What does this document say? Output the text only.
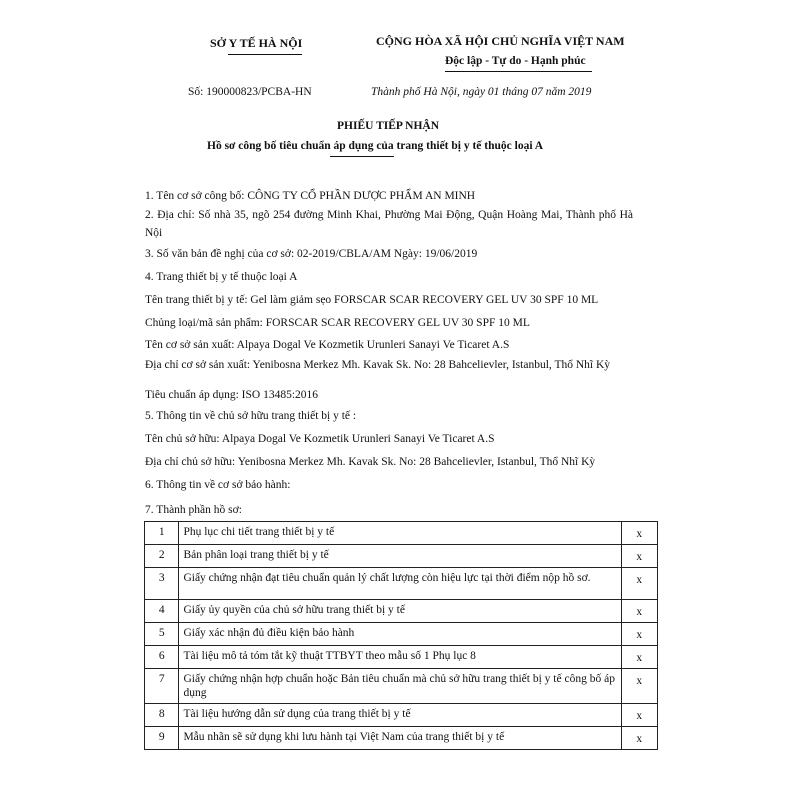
SỞ Y TẾ HÀ NỘI	CỘNG HÒA XÃ HỘI CHỦ NGHĨA VIỆT NAM
Độc lập - Tự do - Hạnh phúc
Số: 190000823/PCBA-HN	Thành phố Hà Nội, ngày 01 tháng 07 năm 2019
PHIẾU TIẾP NHẬN
Hồ sơ công bố tiêu chuẩn áp dụng của trang thiết bị y tế thuộc loại A
1. Tên cơ sở công bố: CÔNG TY CỔ PHẦN DƯỢC PHẨM AN MINH
2. Địa chỉ: Số nhà 35, ngõ 254 đường Minh Khai, Phường Mai Động, Quận Hoàng Mai, Thành phố Hà Nội
3. Số văn bản đề nghị của cơ sở: 02-2019/CBLA/AM Ngày: 19/06/2019
4. Trang thiết bị y tế thuộc loại A
Tên trang thiết bị y tế: Gel làm giảm sẹo FORSCAR SCAR RECOVERY GEL UV 30 SPF 10 ML
Chủng loại/mã sản phẩm: FORSCAR SCAR RECOVERY GEL UV 30 SPF 10 ML
Tên cơ sở sản xuất: Alpaya Dogal Ve Kozmetik Urunleri Sanayi Ve Ticaret A.S
Địa chỉ cơ sở sản xuất: Yenibosna Merkez Mh. Kavak Sk. No: 28 Bahcelievler, Istanbul, Thổ Nhĩ Kỳ
Tiêu chuẩn áp dụng: ISO 13485:2016
5. Thông tin về chủ sở hữu trang thiết bị y tế :
Tên chủ sở hữu: Alpaya Dogal Ve Kozmetik Urunleri Sanayi Ve Ticaret A.S
Địa chỉ chủ sở hữu: Yenibosna Merkez Mh. Kavak Sk. No: 28 Bahcelievler, Istanbul, Thổ Nhĩ Kỳ
6. Thông tin về cơ sở bảo hành:
7. Thành phần hồ sơ:
1	Phụ lục chi tiết trang thiết bị y tế	x
2	Bản phân loại trang thiết bị y tế	x
3	Giấy chứng nhận đạt tiêu chuẩn quản lý chất lượng còn hiệu lực tại thời điểm nộp hồ sơ.	x
4	Giấy ủy quyền của chủ sở hữu trang thiết bị y tế	x
5	Giấy xác nhận đủ điều kiện bảo hành	x
6	Tài liệu mô tả tóm tắt kỹ thuật TTBYT theo mẫu số 1 Phụ lục 8	x
7	Giấy chứng nhận hợp chuẩn hoặc Bản tiêu chuẩn mà chủ sở hữu trang thiết bị y tế công bố áp dụng	x
8	Tài liệu hướng dẫn sử dụng của trang thiết bị y tế	x
9	Mẫu nhãn sẽ sử dụng khi lưu hành tại Việt Nam của trang thiết bị y tế	x
